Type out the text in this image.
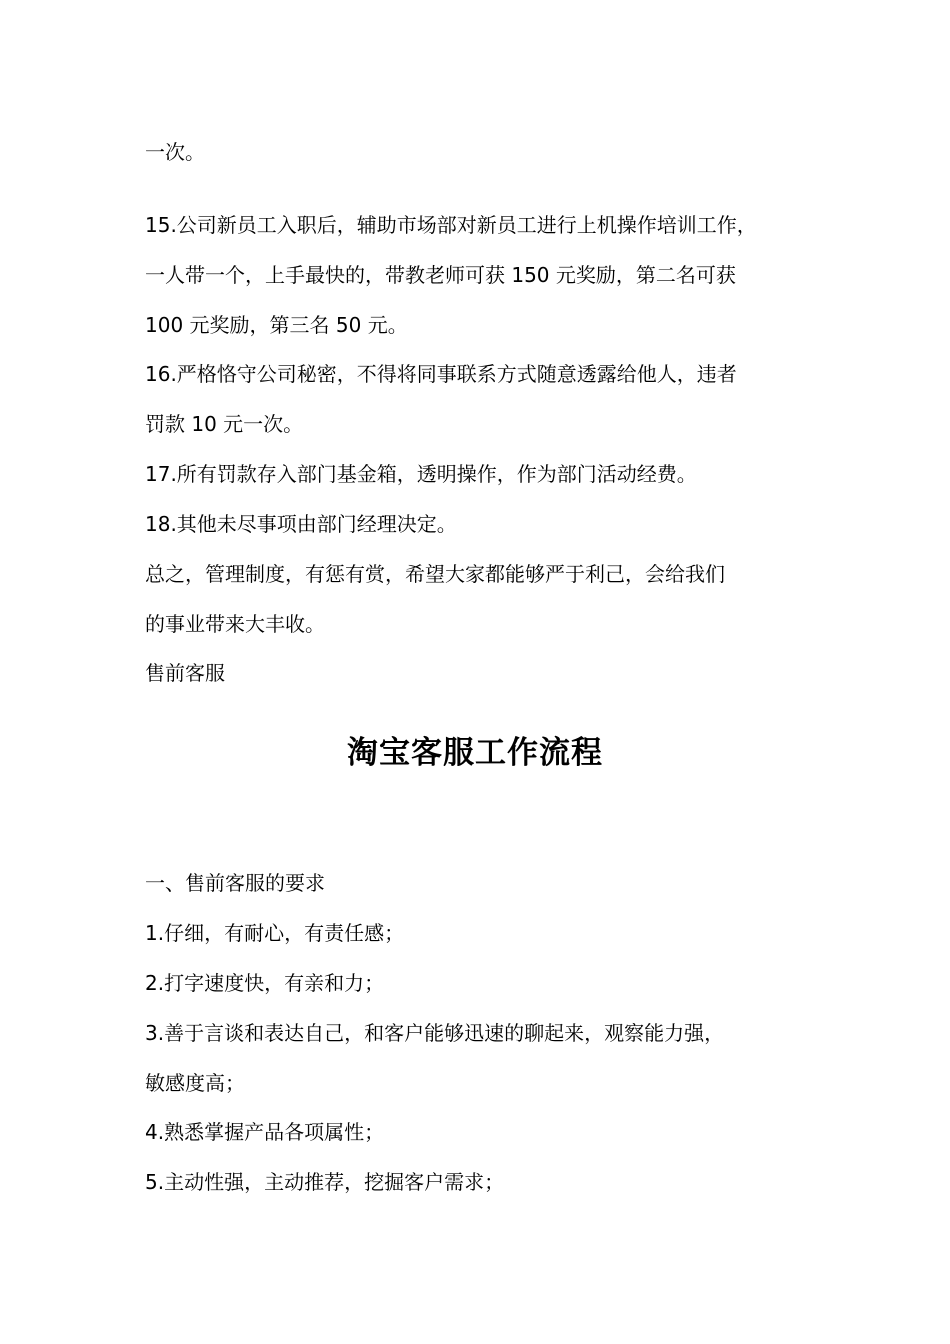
一次。
15.公司新员工入职后，辅助市场部对新员工进行上机操作培训工作，
一人带一个，上手最快的，带教老师可获 150 元奖励，第二名可获
100 元奖励，第三名 50 元。
16.严格恪守公司秘密，不得将同事联系方式随意透露给他人，违者
罚款 10 元一次。
17.所有罚款存入部门基金箱，透明操作，作为部门活动经费。
18.其他未尽事项由部门经理决定。
总之，管理制度，有惩有赏，希望大家都能够严于利己，会给我们
的事业带来大丰收。
售前客服
淘宝客服工作流程
一、售前客服的要求
1.仔细，有耐心，有责任感；
2.打字速度快，有亲和力；
3.善于言谈和表达自己，和客户能够迅速的聊起来，观察能力强，
敏感度高；
4.熟悉掌握产品各项属性；
5.主动性强，主动推荐，挖掘客户需求；
